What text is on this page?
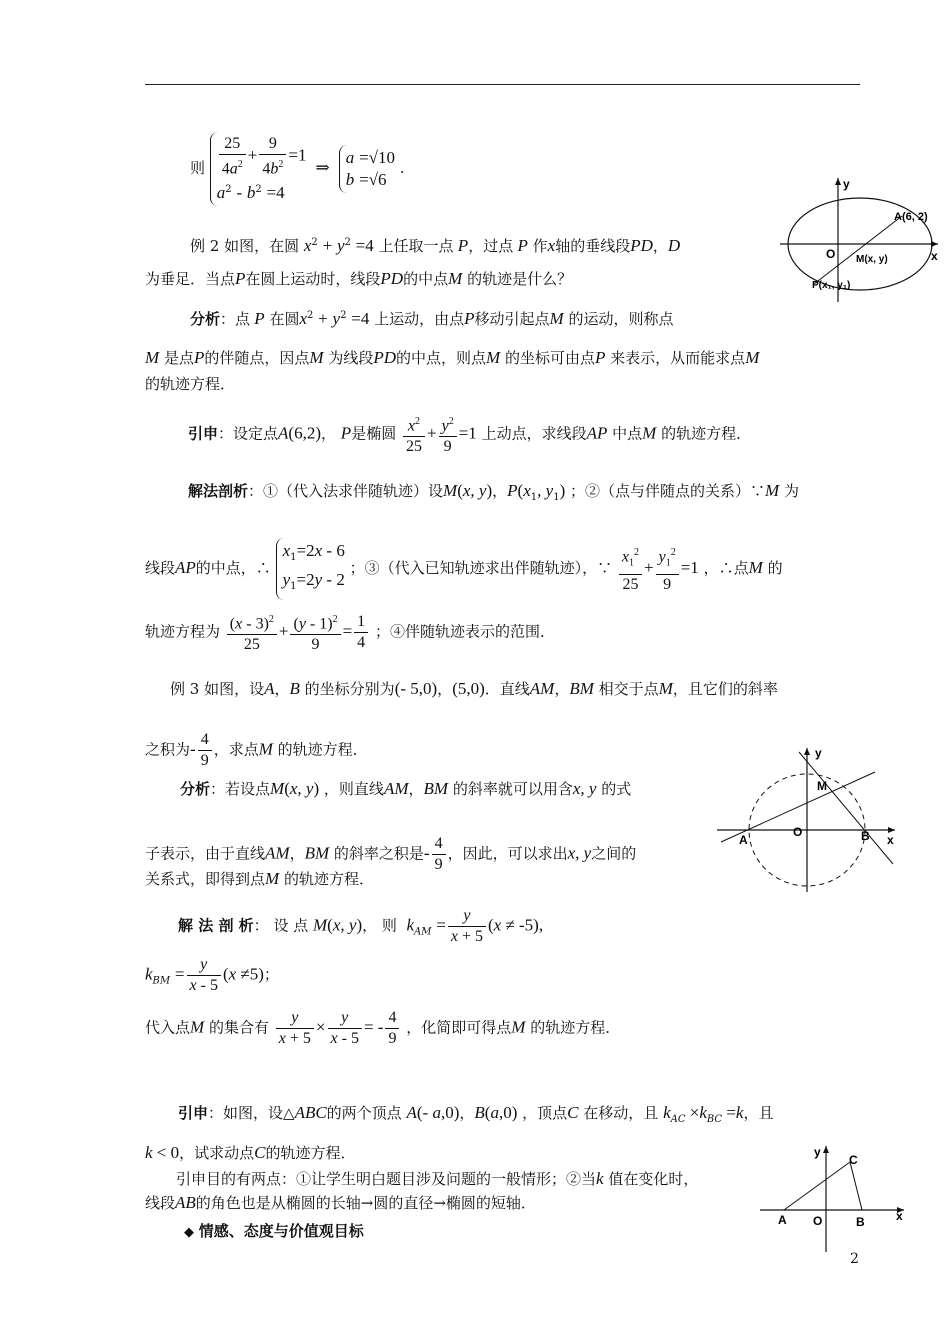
则 $\frac{25}{4a^2} + \frac{9}{4b^2} =1$
$a^2 - b^2 =4$  ⇒  a =√10
b =√6 .
例 2 如图，在圆 $x^2 + y^2 =4$ 上任取一点 P，过点 P 作x轴的垂线段PD，D
为垂足．当点P在圆上运动时，线段PD的中点M 的轨迹是什么？
分析：点 P 在圆$x^2 + y^2 =4$ 上运动，由点P移动引起点M 的运动，则称点
M 是点P的伴随点，因点M 为线段PD的中点，则点M 的坐标可由点P 来表示，从而能求点M
的轨迹方程．
引申：设定点A(6,2)， P是椭圆 $\frac{x^2}{25} + \frac{y^2}{9} =1$ 上动点，求线段AP 中点M 的轨迹方程．
解法剖析：①（代入法求伴随轨迹）设M(x, y)，$P(x_1$, $y_1$) ；②（点与伴随点的关系）∵M 为
线段AP的中点，∴ $x_1=2x - 6$
$y_1=2y - 2$ ；③（代入已知轨迹求出伴随轨迹），∵ $\frac{x_1^2}{25} + \frac{y_1^2}{9} =1$ ，∴点M 的
轨迹方程为 $\frac{(x - 3)^2}{25} + \frac{(y - 1)^2}{9} = \frac{1}{4}$ ；④伴随轨迹表示的范围．
例 3 如图，设A，B 的坐标分别为(- 5,0)，(5,0)．直线AM，BM 相交于点M，且它们的斜率
之积为- $\frac{4}{9}$ ，求点M 的轨迹方程．
分析：若设点M(x, y) ，则直线AM，BM 的斜率就可以用含x, y 的式
子表示，由于直线AM，BM 的斜率之积是- $\frac{4}{9}$ ，因此，可以求出x, y之间的
关系式，即得到点M 的轨迹方程．
解 法 剖 析： 设 点 M(x, y)， 则 $k_{AM} = \frac{y}{x + 5} (x \ne -5)$,
$k_{BM} = \frac{y}{x - 5} (x \ne 5)$；
代入点M 的集合有 $\frac{y}{x + 5} \times \frac{y}{x - 5}$ = - $\frac{4}{9}$ ，化简即可得点M 的轨迹方程．
引申：如图，设△ABC的两个顶点 A(- a,0)，B(a,0) ，顶点C 在移动，且 $k_{AC} \times k_{BC} =k$，且
k < 0，试求动点C的轨迹方程．
引申目的有两点：①让学生明白题目涉及问题的一般情形；②当k 值在变化时，
线段AB的角色也是从椭圆的长轴→圆的直径→椭圆的短轴．
◆ 情感、态度与价值观目标
y
x
O
A(6, 2)
M(x, y)
P(x₁, y₁)
y
x
O
A	B
M
y
x
O
A	B
C
2
